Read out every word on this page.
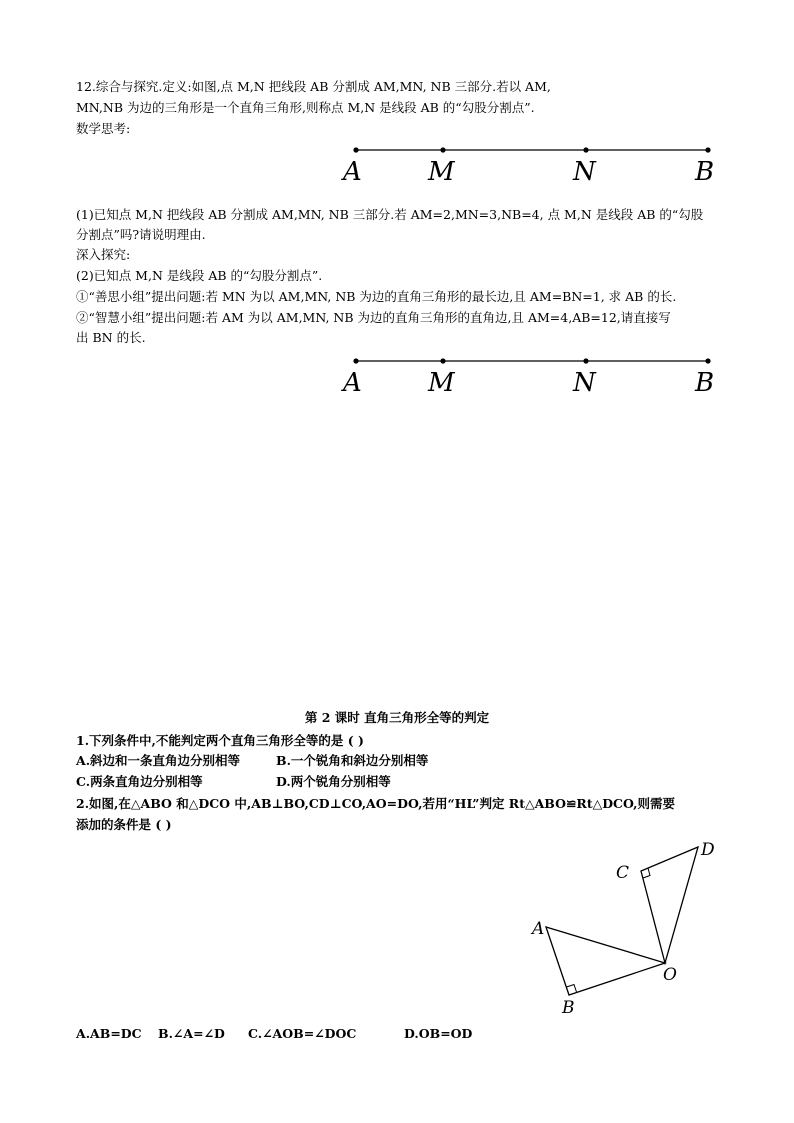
12.综合与探究.定义:如图,点 M,N 把线段 AB 分割成 AM,MN, NB 三部分.若以 AM,
MN,NB 为边的三角形是一个直角三角形,则称点 M,N 是线段 AB 的“勾股分割点”.
数学思考:
A	M	N	B
(1)已知点 M,N 把线段 AB 分割成 AM,MN, NB 三部分.若 AM=2,MN=3,NB=4, 点 M,N 是线段 AB 的“勾股
分割点”吗?请说明理由.
深入探究:
(2)已知点 M,N 是线段 AB 的“勾股分割点”.
①“善思小组”提出问题:若 MN 为以 AM,MN, NB 为边的直角三角形的最长边,且 AM=BN=1, 求 AB 的长.
②“智慧小组”提出问题:若 AM 为以 AM,MN, NB 为边的直角三角形的直角边,且 AM=4,AB=12,请直接写
出 BN 的长.
A	M	N	B
第 2 课时 直角三角形全等的判定
1.下列条件中,不能判定两个直角三角形全等的是 ( )
A.斜边和一条直角边分别相等	B.一个锐角和斜边分别相等
C.两条直角边分别相等	D.两个锐角分别相等
2.如图,在△ABO 和△DCO 中,AB⊥BO,CD⊥CO,AO=DO,若用“HL”判定 Rt△ABO≌Rt△DCO,则需要
添加的条件是 ( )
A
B
C
D
O
A.AB=DC B.∠A=∠D C.∠AOB=∠DOC	D.OB=OD
